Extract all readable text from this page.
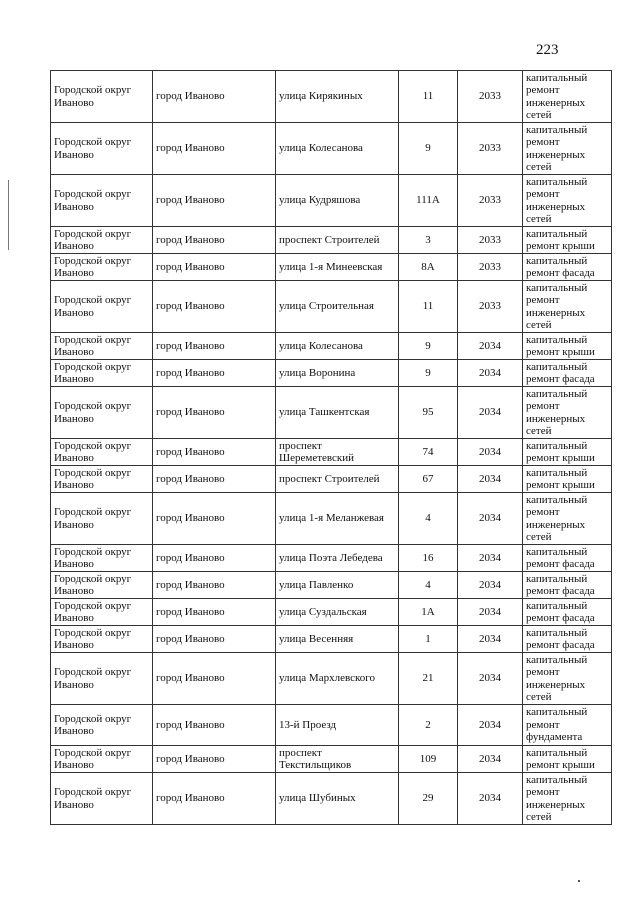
223
Городской округ Иваново	город Иваново	улица Кирякиных	11	2033	капитальный ремонт инженерных сетей
Городской округ Иваново	город Иваново	улица Колесанова	9	2033	капитальный ремонт инженерных сетей
Городской округ Иваново	город Иваново	улица Кудряшова	111А	2033	капитальный ремонт инженерных сетей
Городской округ Иваново	город Иваново	проспект Строителей	3	2033	капитальный ремонт крыши
Городской округ Иваново	город Иваново	улица 1-я Минеевская	8А	2033	капитальный ремонт фасада
Городской округ Иваново	город Иваново	улица Строительная	11	2033	капитальный ремонт инженерных сетей
Городской округ Иваново	город Иваново	улица Колесанова	9	2034	капитальный ремонт крыши
Городской округ Иваново	город Иваново	улица Воронина	9	2034	капитальный ремонт фасада
Городской округ Иваново	город Иваново	улица Ташкентская	95	2034	капитальный ремонт инженерных сетей
Городской округ Иваново	город Иваново	проспект Шереметевский	74	2034	капитальный ремонт крыши
Городской округ Иваново	город Иваново	проспект Строителей	67	2034	капитальный ремонт крыши
Городской округ Иваново	город Иваново	улица 1-я Меланжевая	4	2034	капитальный ремонт инженерных сетей
Городской округ Иваново	город Иваново	улица Поэта Лебедева	16	2034	капитальный ремонт фасада
Городской округ Иваново	город Иваново	улица Павленко	4	2034	капитальный ремонт фасада
Городской округ Иваново	город Иваново	улица Суздальская	1А	2034	капитальный ремонт фасада
Городской округ Иваново	город Иваново	улица Весенняя	1	2034	капитальный ремонт фасада
Городской округ Иваново	город Иваново	улица Мархлевского	21	2034	капитальный ремонт инженерных сетей
Городской округ Иваново	город Иваново	13-й Проезд	2	2034	капитальный ремонт фундамента
Городской округ Иваново	город Иваново	проспект Текстильщиков	109	2034	капитальный ремонт крыши
Городской округ Иваново	город Иваново	улица Шубиных	29	2034	капитальный ремонт инженерных сетей
